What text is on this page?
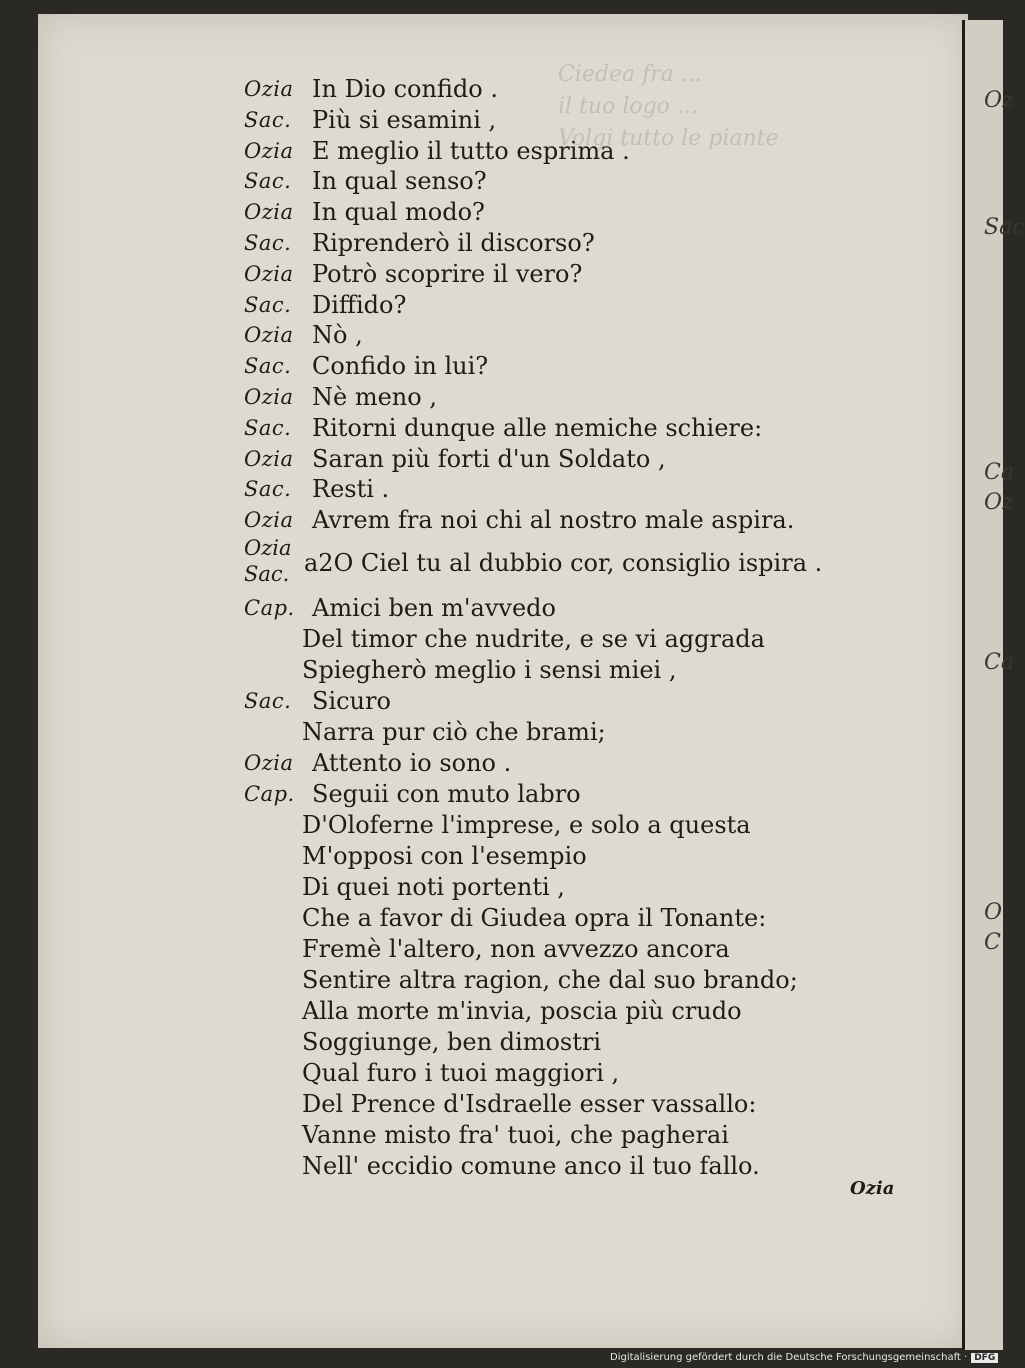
Ciedea fra ...
il tuo logo ...
Volgi tutto le piante
Ozia In Dio confido .
Sac. Più si esamini ,
Ozia E meglio il tutto esprima .
Sac. In qual senso?
Ozia In qual modo?
Sac. Riprenderò il discorso?
Ozia Potrò scoprire il vero?
Sac. Diffido?
Ozia Nò ,
Sac. Confido in lui?
Ozia Nè meno ,
Sac. Ritorni dunque alle nemiche schiere:
Ozia Saran più forti d'un Soldato ,
Sac. Resti .
Ozia Avrem fra noi chi al nostro male aspira.
Cap. Amici ben m'avvedo
Del timor che nudrite, e se vi aggrada
Spiegherò meglio i sensi miei ,
Sac. Sicuro
Narra pur ciò che brami;
Ozia Attento io sono .
Cap. Seguii con muto labro
D'Oloferne l'imprese, e solo a questa
M'opposi con l'esempio
Di quei noti portenti ,
Che a favor di Giudea opra il Tonante:
Fremè l'altero, non avvezzo ancora
Sentire altra ragion, che dal suo brando;
Alla morte m'invia, poscia più crudo
Soggiunge, ben dimostri
Qual furo i tuoi maggiori ,
Del Prence d'Isdraelle esser vassallo:
Vanne misto fra' tuoi, che pagherai
Nell' eccidio comune anco il tuo fallo.
Ozia
Sac. a2O Ciel tu al dubbio cor, consiglio ispira .
Ozia
Oz
Sac
Ca
Oz
Ca
O
C
Digitalisierung gefördert durch die Deutsche Forschungsgemeinschaft · DFG
